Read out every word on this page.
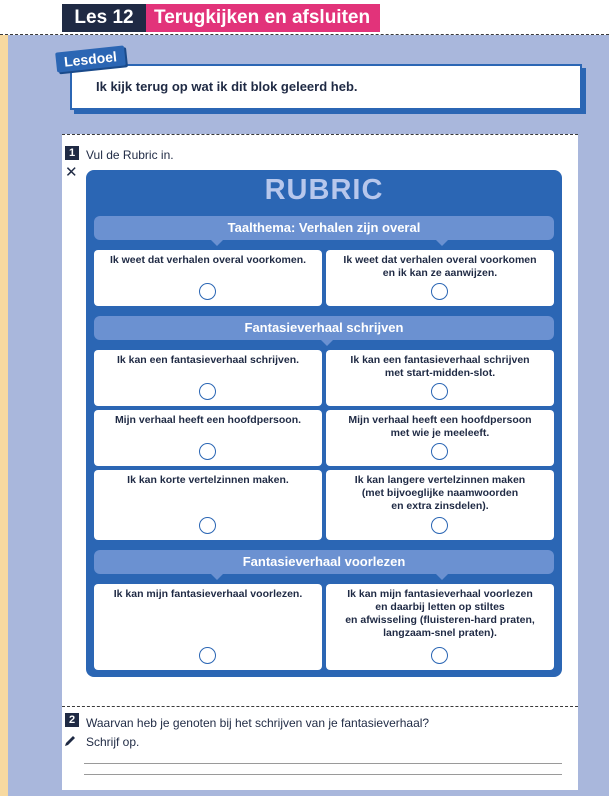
Les 12	Terugkijken en afsluiten
Ik kijk terug op wat ik dit blok geleerd heb.
Lesdoel
1 Vul de Rubric in.
✕
RUBRIC
Taalthema: Verhalen zijn overal
Ik weet dat verhalen overal voorkomen.	Ik weet dat verhalen overal voorkomen
en ik kan ze aanwijzen.
Fantasieverhaal schrijven
Ik kan een fantasieverhaal schrijven.	Ik kan een fantasieverhaal schrijven
met start-midden-slot.
Mijn verhaal heeft een hoofdpersoon.	Mijn verhaal heeft een hoofdpersoon
met wie je meeleeft.
Ik kan korte vertelzinnen maken.	Ik kan langere vertelzinnen maken
(met bijvoeglijke naamwoorden
en extra zinsdelen).
Fantasieverhaal voorlezen
Ik kan mijn fantasieverhaal voorlezen.	Ik kan mijn fantasieverhaal voorlezen
en daarbij letten op stiltes
en afwisseling (fluisteren-hard praten,
langzaam-snel praten).
2 Waarvan heb je genoten bij het schrijven van je fantasieverhaal?
Schrijf op.
